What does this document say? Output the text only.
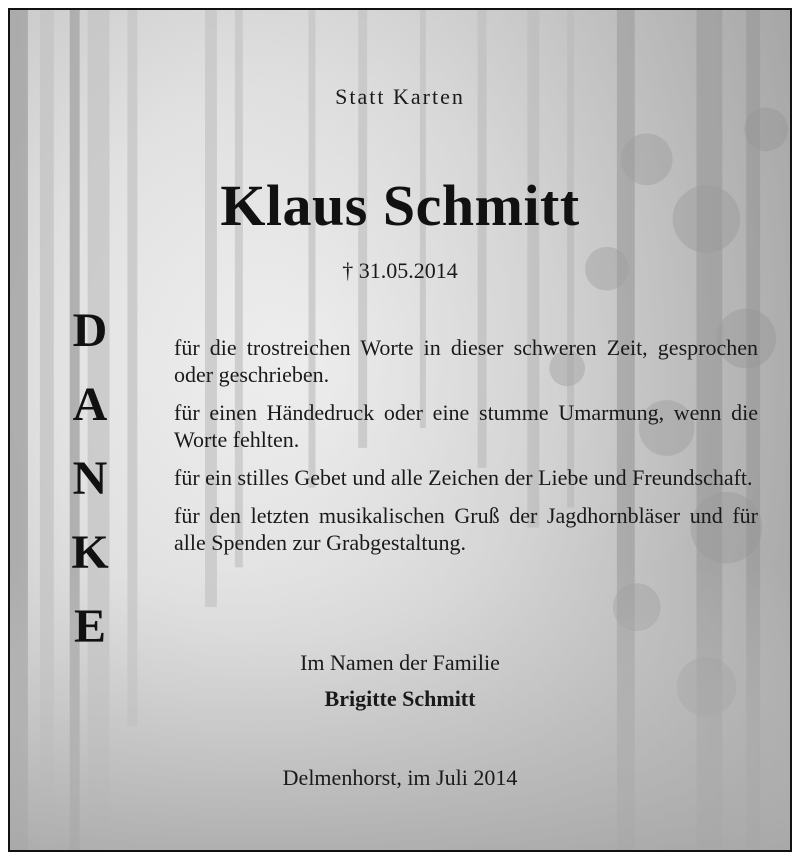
Statt Karten
Klaus Schmitt
† 31.05.2014
D
A
N
K
E

für die trostreichen Worte in dieser schweren Zeit, gesprochen oder geschrieben.

für einen Händedruck oder eine stumme Umarmung, wenn die Worte fehlten.

für ein stilles Gebet und alle Zeichen der Liebe und Freundschaft.

für den letzten musikalischen Gruß der Jagdhornbläser und für alle Spenden zur Grabgestaltung.

Im Namen der Familie
Brigitte Schmitt
Delmenhorst, im Juli 2014
